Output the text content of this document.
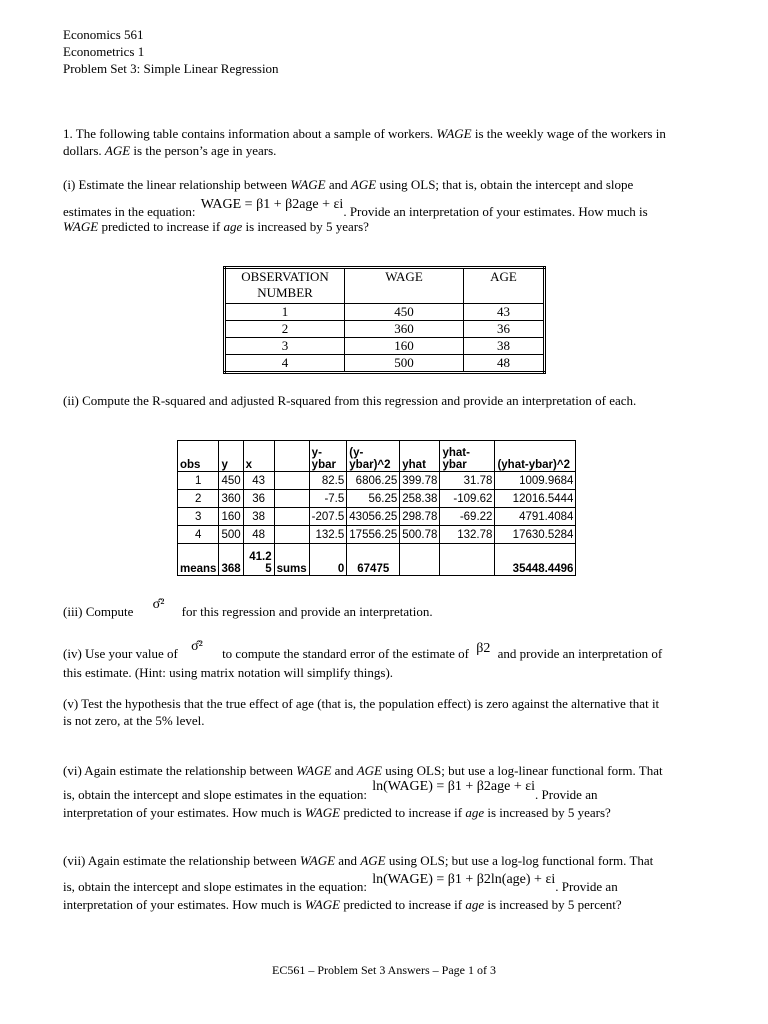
Economics 561
Econometrics 1
Problem Set 3: Simple Linear Regression

1. The following table contains information about a sample of workers. WAGE is the weekly wage of the workers in
dollars. AGE is the person’s age in years.

(i) Estimate the linear relationship between WAGE and AGE using OLS; that is, obtain the intercept and slope

estimates in the equation: WAGE = β1 + β2age + εi. Provide an interpretation of your estimates. How much is

WAGE predicted to increase if age is increased by 5 years?

OBSERVATION NUMBER	WAGE	AGE
1	450	43
2	360	36
3	160	38
4	500	48

(ii) Compute the R-squared and adjusted R-squared from this regression and provide an interpretation of each.

obs	y	x		y-ybar	(y-ybar)^2	yhat	yhat-ybar	(yhat-ybar)^2
1	450	43		82.5	6806.25	399.78	31.78	1009.9684
2	360	36		-7.5	56.25	258.38	-109.62	12016.5444
3	160	38		-207.5	43056.25	298.78	-69.22	4791.4084
4	500	48		132.5	17556.25	500.78	132.78	17630.5284
means	368	41.25	sums	0	67475			35448.4496
(iii) Compute σ̂² for this regression and provide an interpretation.
(iv) Use your value of σ̂² to compute the standard error of the estimate of β2 and provide an interpretation of

this estimate. (Hint: using matrix notation will simplify things).

(v) Test the hypothesis that the true effect of age (that is, the population effect) is zero against the alternative that it
is not zero, at the 5% level.

(vi) Again estimate the relationship between WAGE and AGE using OLS; but use a log-linear functional form. That

is, obtain the intercept and slope estimates in the equation: ln(WAGE) = β1 + β2age + εi. Provide an

interpretation of your estimates. How much is WAGE predicted to increase if age is increased by 5 years?

(vii) Again estimate the relationship between WAGE and AGE using OLS; but use a log-log functional form. That

is, obtain the intercept and slope estimates in the equation: ln(WAGE) = β1 + β2ln(age) + εi. Provide an

interpretation of your estimates. How much is WAGE predicted to increase if age is increased by 5 percent?

EC561 – Problem Set 3 Answers – Page 1 of 3
